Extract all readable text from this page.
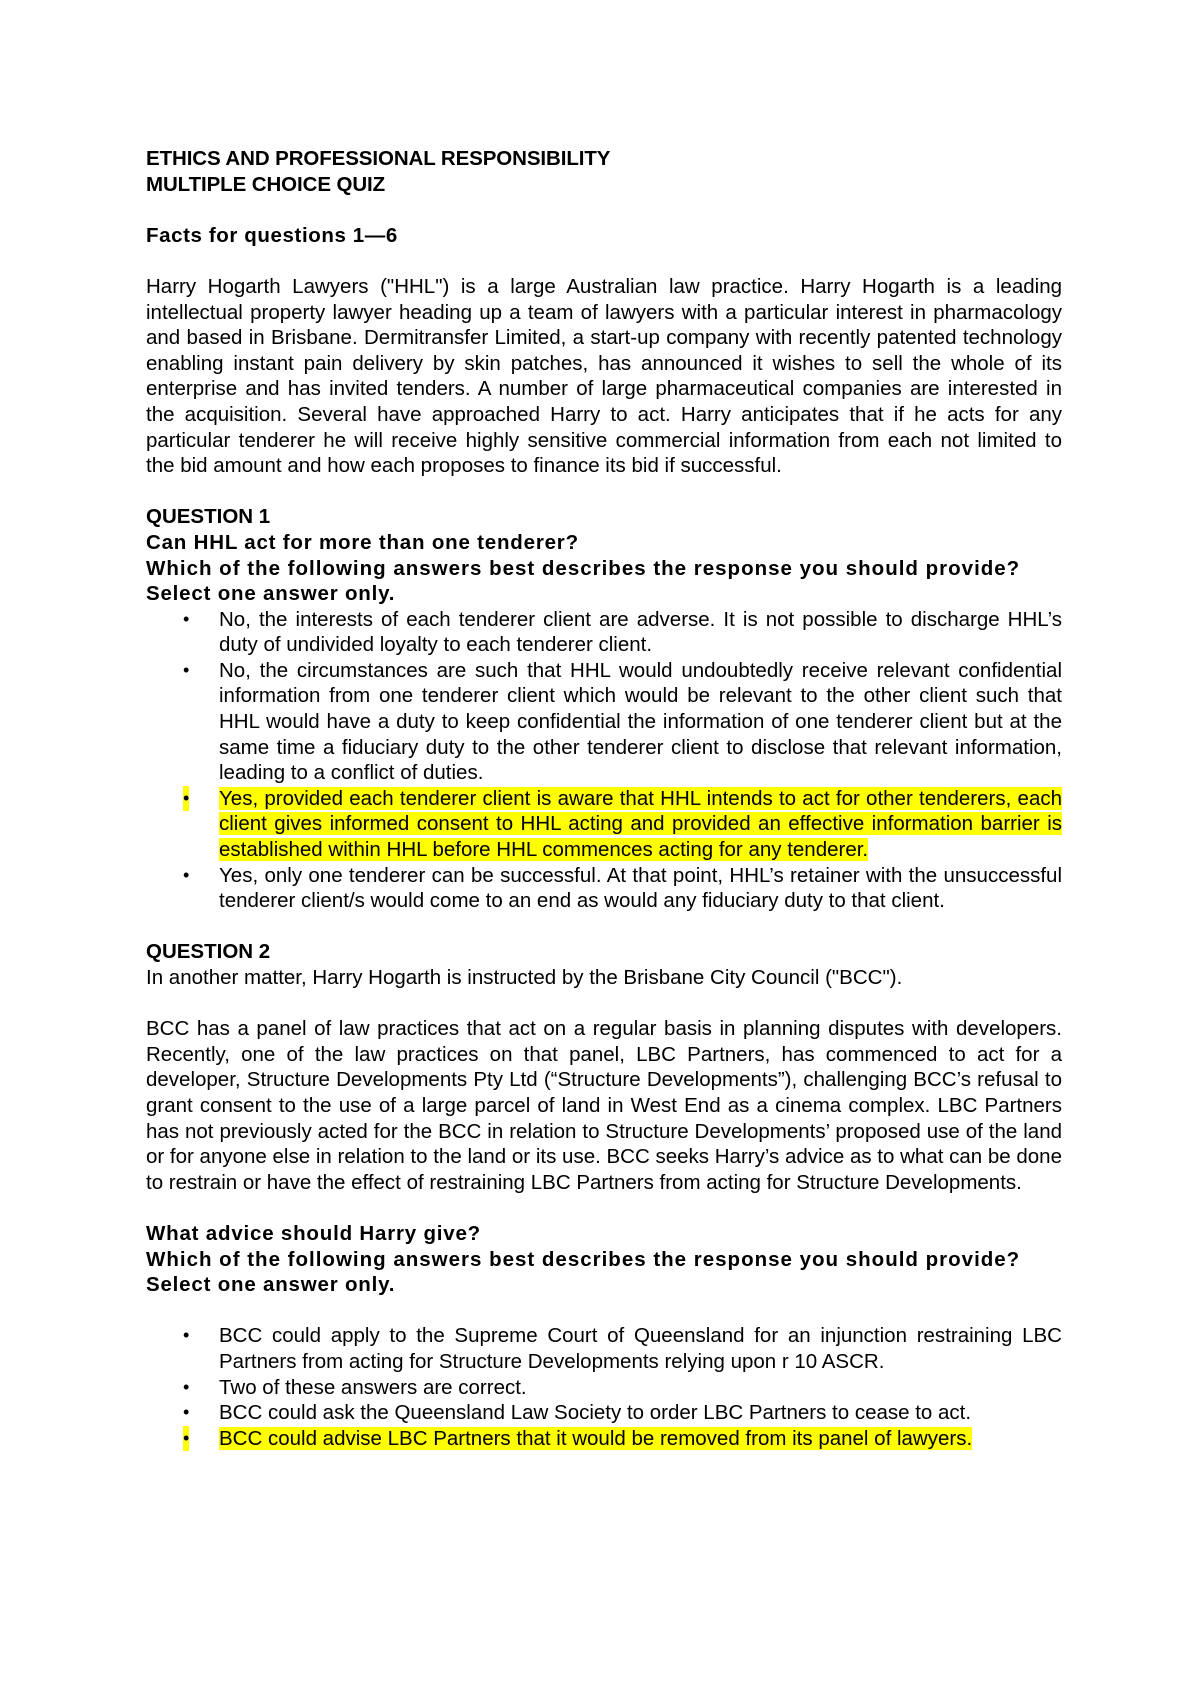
ETHICS AND PROFESSIONAL RESPONSIBILITY

MULTIPLE CHOICE QUIZ

Facts for questions 1—6

Harry Hogarth Lawyers ("HHL") is a large Australian law practice. Harry Hogarth is a leading intellectual property lawyer heading up a team of lawyers with a particular interest in pharmacology and based in Brisbane. Dermitransfer Limited, a start-up company with recently patented technology enabling instant pain delivery by skin patches, has announced it wishes to sell the whole of its enterprise and has invited tenders. A number of large pharmaceutical companies are interested in the acquisition. Several have approached Harry to act. Harry anticipates that if he acts for any particular tenderer he will receive highly sensitive commercial information from each not limited to the bid amount and how each proposes to finance its bid if successful.

QUESTION 1

Can HHL act for more than one tenderer?

Which of the following answers best describes the response you should provide?

Select one answer only.

• No, the interests of each tenderer client are adverse. It is not possible to discharge HHL’s duty of undivided loyalty to each tenderer client.
• No, the circumstances are such that HHL would undoubtedly receive relevant confidential information from one tenderer client which would be relevant to the other client such that HHL would have a duty to keep confidential the information of one tenderer client but at the same time a fiduciary duty to the other tenderer client to disclose that relevant information, leading to a conflict of duties.
• Yes, provided each tenderer client is aware that HHL intends to act for other tenderers, each client gives informed consent to HHL acting and provided an effective information barrier is established within HHL before HHL commences acting for any tenderer.
• Yes, only one tenderer can be successful. At that point, HHL’s retainer with the unsuccessful tenderer client/s would come to an end as would any fiduciary duty to that client.

QUESTION 2

In another matter, Harry Hogarth is instructed by the Brisbane City Council ("BCC").

BCC has a panel of law practices that act on a regular basis in planning disputes with developers. Recently, one of the law practices on that panel, LBC Partners, has commenced to act for a developer, Structure Developments Pty Ltd (“Structure Developments”), challenging BCC’s refusal to grant consent to the use of a large parcel of land in West End as a cinema complex. LBC Partners has not previously acted for the BCC in relation to Structure Developments’ proposed use of the land or for anyone else in relation to the land or its use. BCC seeks Harry’s advice as to what can be done to restrain or have the effect of restraining LBC Partners from acting for Structure Developments.

What advice should Harry give?

Which of the following answers best describes the response you should provide?

Select one answer only.

• BCC could apply to the Supreme Court of Queensland for an injunction restraining LBC Partners from acting for Structure Developments relying upon r 10 ASCR.
• Two of these answers are correct.
• BCC could ask the Queensland Law Society to order LBC Partners to cease to act.
• BCC could advise LBC Partners that it would be removed from its panel of lawyers.
